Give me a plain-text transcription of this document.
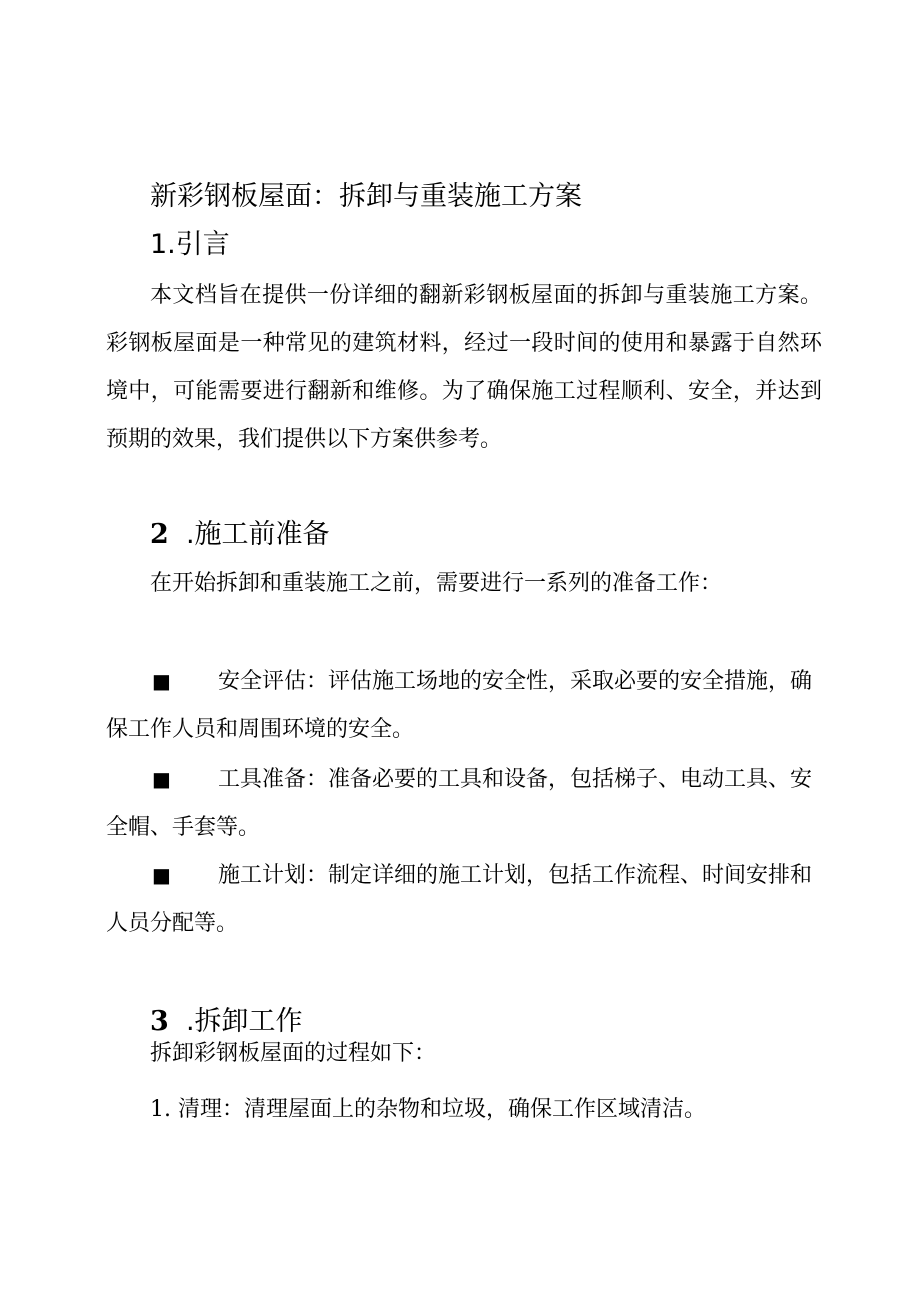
新彩钢板屋面：拆卸与重装施工方案
1.引言

本文档旨在提供一份详细的翻新彩钢板屋面的拆卸与重装施工方案。彩钢板屋面是一种常见的建筑材料，经过一段时间的使用和暴露于自然环境中，可能需要进行翻新和维修。为了确保施工过程顺利、安全，并达到预期的效果，我们提供以下方案供参考。

2 .施工前准备

在开始拆卸和重装施工之前，需要进行一系列的准备工作：

■ 安全评估：评估施工场地的安全性，采取必要的安全措施，确保工作人员和周围环境的安全。

■ 工具准备：准备必要的工具和设备，包括梯子、电动工具、安全帽、手套等。

■ 施工计划：制定详细的施工计划，包括工作流程、时间安排和人员分配等。

3 .拆卸工作

拆卸彩钢板屋面的过程如下：

1. 清理：清理屋面上的杂物和垃圾，确保工作区域清洁。
